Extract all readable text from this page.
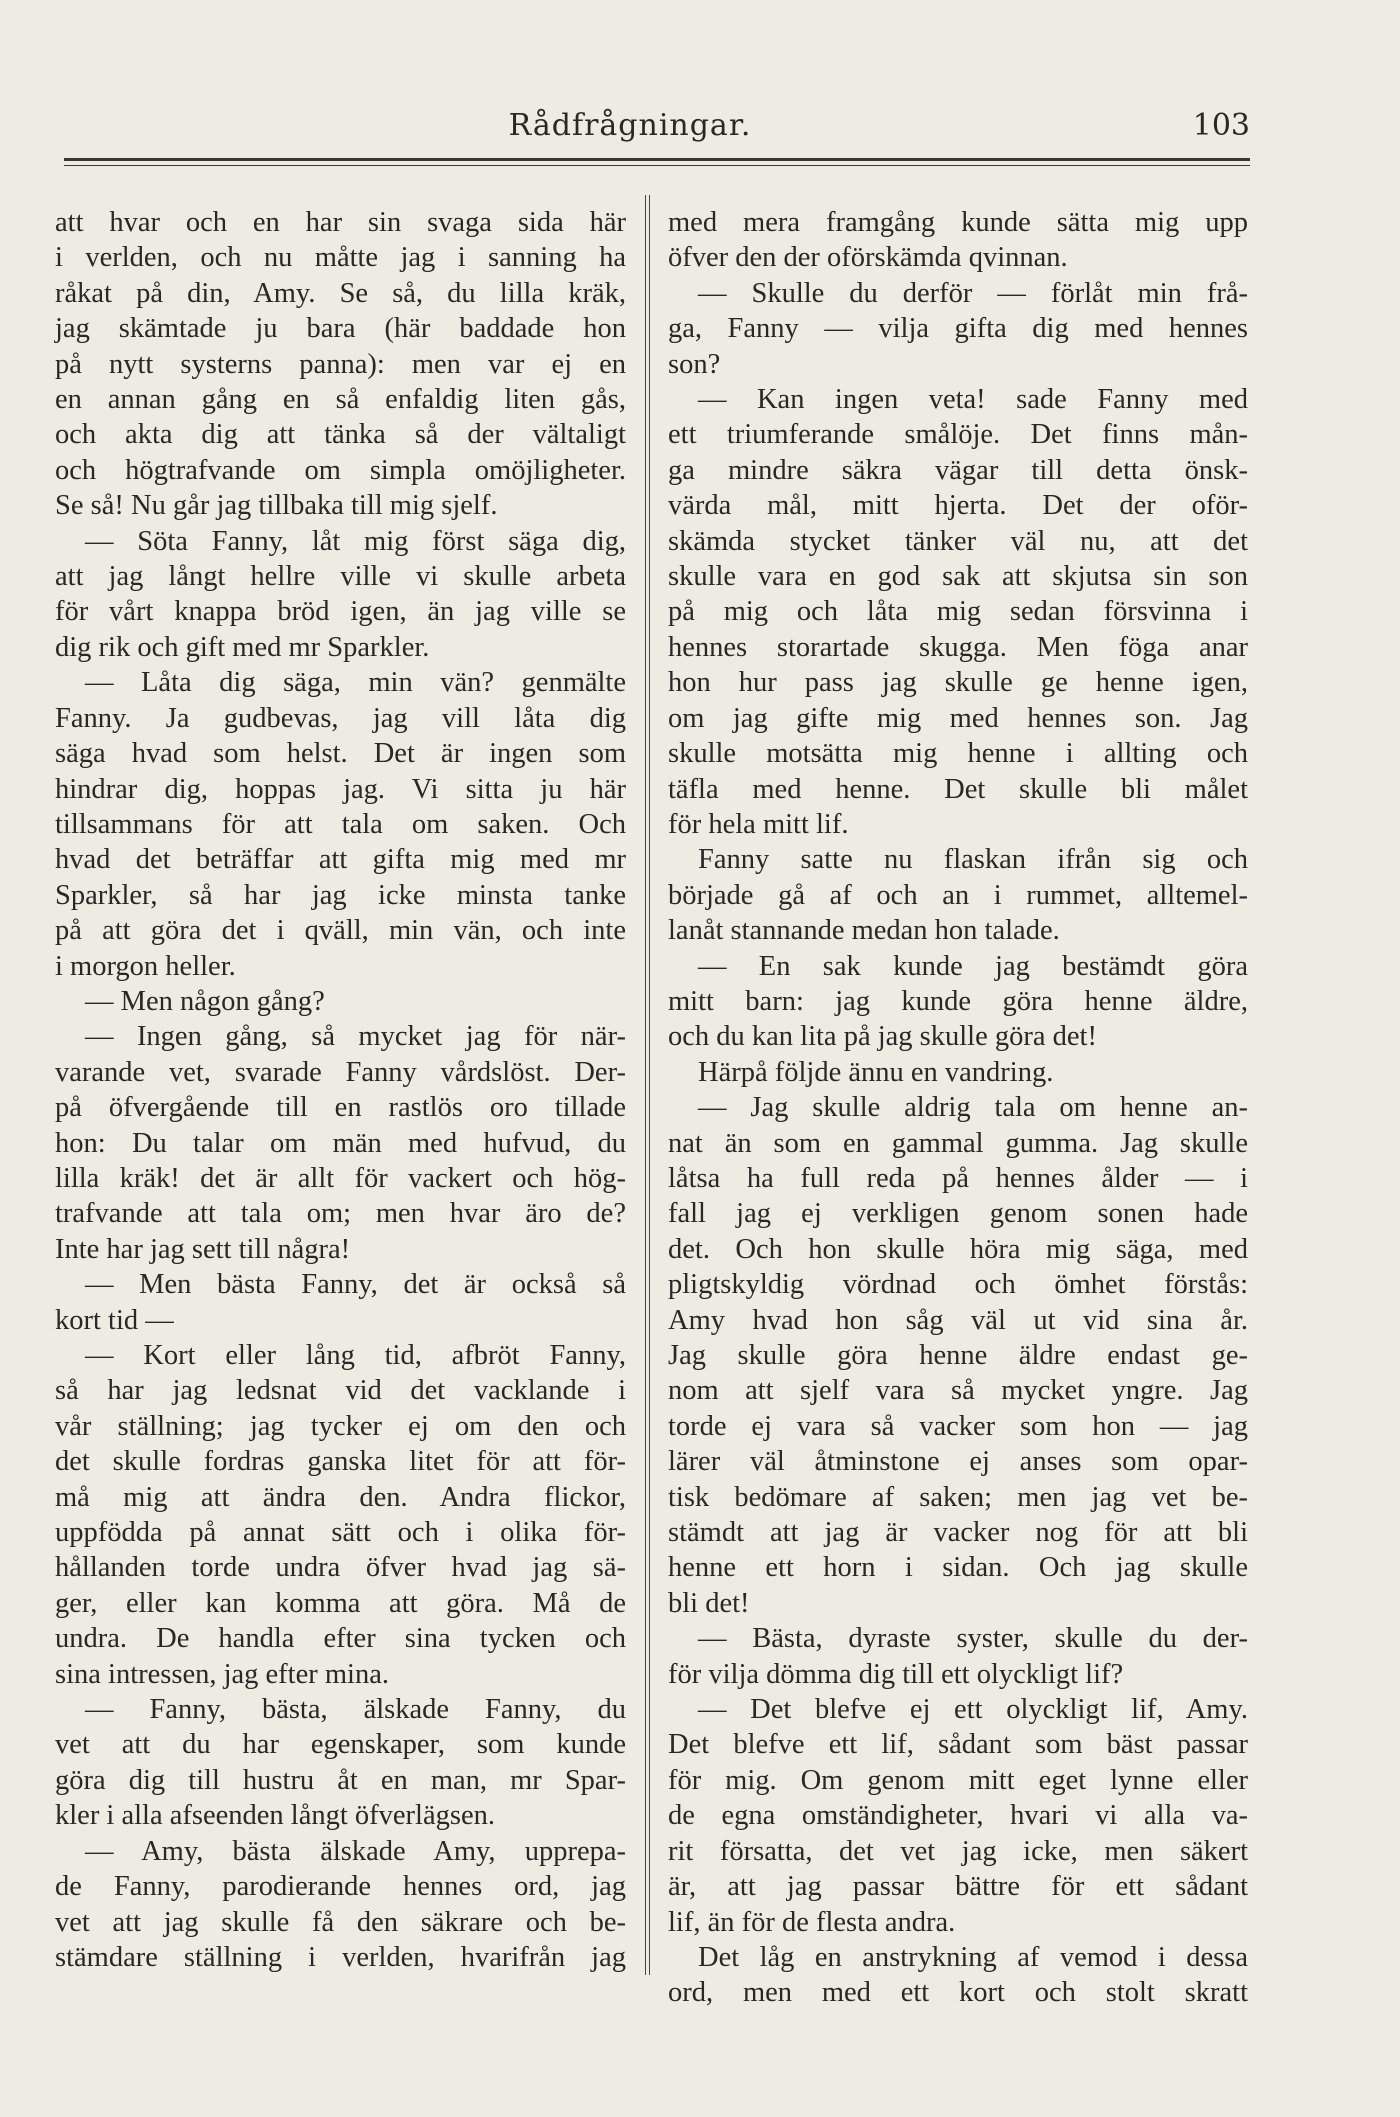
Rådfrågningar.	103
att hvar och en har sin svaga sida här
i verlden, och nu måtte jag i sanning ha
råkat på din, Amy. Se så, du lilla kräk,
jag skämtade ju bara (här baddade hon
på nytt systerns panna): men var ej en
en annan gång en så enfaldig liten gås,
och akta dig att tänka så der vältaligt
och högtrafvande om simpla omöjligheter.
Se så! Nu går jag tillbaka till mig sjelf.
— Söta Fanny, låt mig först säga dig,
att jag långt hellre ville vi skulle arbeta
för vårt knappa bröd igen, än jag ville se
dig rik och gift med mr Sparkler.
— Låta dig säga, min vän? genmälte
Fanny. Ja gudbevas, jag vill låta dig
säga hvad som helst. Det är ingen som
hindrar dig, hoppas jag. Vi sitta ju här
tillsammans för att tala om saken. Och
hvad det beträffar att gifta mig med mr
Sparkler, så har jag icke minsta tanke
på att göra det i qväll, min vän, och inte
i morgon heller.
— Men någon gång?
— Ingen gång, så mycket jag för när-
varande vet, svarade Fanny vårdslöst. Der-
på öfvergående till en rastlös oro tillade
hon: Du talar om män med hufvud, du
lilla kräk! det är allt för vackert och hög-
trafvande att tala om; men hvar äro de?
Inte har jag sett till några!
— Men bästa Fanny, det är också så
kort tid —
— Kort eller lång tid, afbröt Fanny,
så har jag ledsnat vid det vacklande i
vår ställning; jag tycker ej om den och
det skulle fordras ganska litet för att för-
må mig att ändra den. Andra flickor,
uppfödda på annat sätt och i olika för-
hållanden torde undra öfver hvad jag sä-
ger, eller kan komma att göra. Må de
undra. De handla efter sina tycken och
sina intressen, jag efter mina.
— Fanny, bästa, älskade Fanny, du
vet att du har egenskaper, som kunde
göra dig till hustru åt en man, mr Spar-
kler i alla afseenden långt öfverlägsen.
— Amy, bästa älskade Amy, upprepa-
de Fanny, parodierande hennes ord, jag
vet att jag skulle få den säkrare och be-
stämdare ställning i verlden, hvarifrån jag
med mera framgång kunde sätta mig upp
öfver den der oförskämda qvinnan.
— Skulle du derför — förlåt min frå-
ga, Fanny — vilja gifta dig med hennes
son?
— Kan ingen veta! sade Fanny med
ett triumferande smålöje. Det finns mån-
ga mindre säkra vägar till detta önsk-
värda mål, mitt hjerta. Det der oför-
skämda stycket tänker väl nu, att det
skulle vara en god sak att skjutsa sin son
på mig och låta mig sedan försvinna i
hennes storartade skugga. Men föga anar
hon hur pass jag skulle ge henne igen,
om jag gifte mig med hennes son. Jag
skulle motsätta mig henne i allting och
täfla med henne. Det skulle bli målet
för hela mitt lif.
Fanny satte nu flaskan ifrån sig och
började gå af och an i rummet, alltemel-
lanåt stannande medan hon talade.
— En sak kunde jag bestämdt göra
mitt barn: jag kunde göra henne äldre,
och du kan lita på jag skulle göra det!
Härpå följde ännu en vandring.
— Jag skulle aldrig tala om henne an-
nat än som en gammal gumma. Jag skulle
låtsa ha full reda på hennes ålder — i
fall jag ej verkligen genom sonen hade
det. Och hon skulle höra mig säga, med
pligtskyldig vördnad och ömhet förstås:
Amy hvad hon såg väl ut vid sina år.
Jag skulle göra henne äldre endast ge-
nom att sjelf vara så mycket yngre. Jag
torde ej vara så vacker som hon — jag
lärer väl åtminstone ej anses som opar-
tisk bedömare af saken; men jag vet be-
stämdt att jag är vacker nog för att bli
henne ett horn i sidan. Och jag skulle
bli det!
— Bästa, dyraste syster, skulle du der-
för vilja dömma dig till ett olyckligt lif?
— Det blefve ej ett olyckligt lif, Amy.
Det blefve ett lif, sådant som bäst passar
för mig. Om genom mitt eget lynne eller
de egna omständigheter, hvari vi alla va-
rit försatta, det vet jag icke, men säkert
är, att jag passar bättre för ett sådant
lif, än för de flesta andra.
Det låg en anstrykning af vemod i dessa
ord, men med ett kort och stolt skratt
